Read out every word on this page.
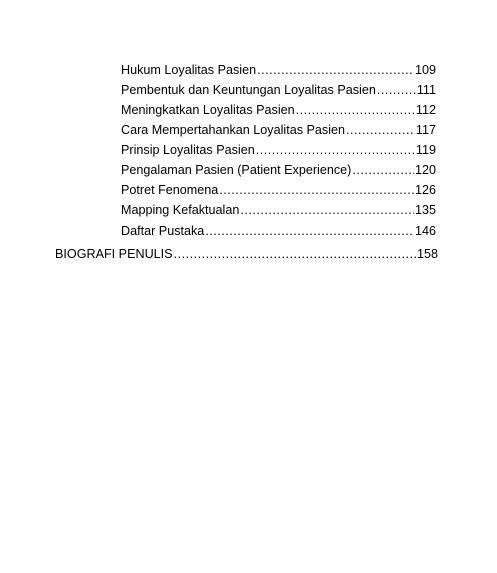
Hukum Loyalitas Pasien .....	109
Pembentuk dan Keuntungan Loyalitas Pasien .....	111
Meningkatkan Loyalitas Pasien .....	112
Cara Mempertahankan Loyalitas Pasien .....	117
Prinsip Loyalitas Pasien .....	119
Pengalaman Pasien (Patient Experience) .....	120
Potret Fenomena .....	126
Mapping Kefaktualan .....	135
Daftar Pustaka .....	146
BIOGRAFI PENULIS .....	158
